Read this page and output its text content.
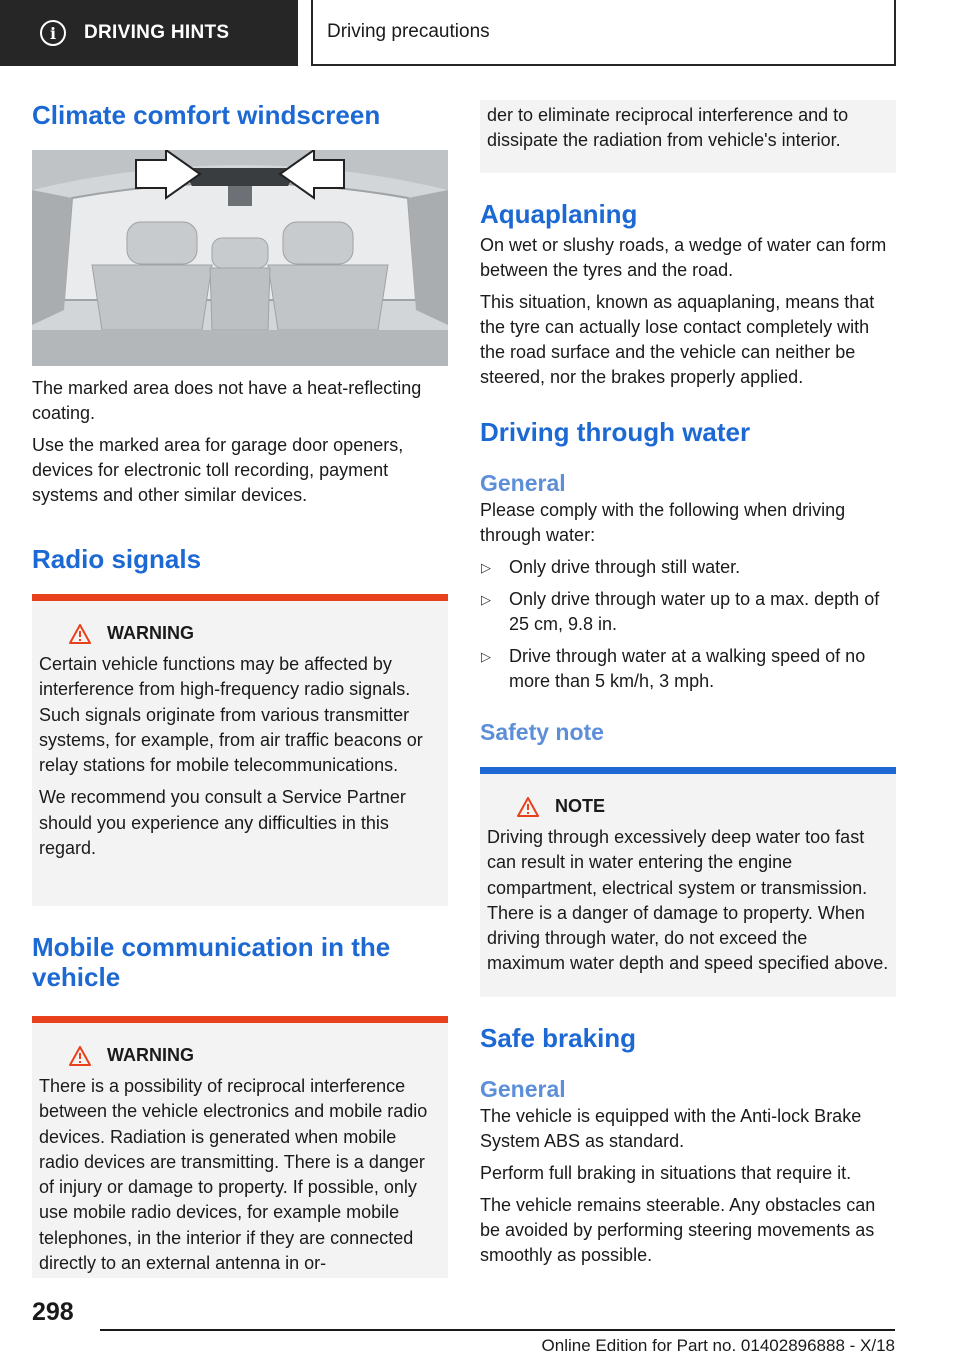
i	DRIVING HINTS	Driving precautions
Climate comfort windscreen

The marked area does not have a heat-reflecting coating.

Use the marked area for garage door openers, devices for electronic toll recording, payment systems and other similar devices.

Radio signals
WARNING

Certain vehicle functions may be affected by interference from high-frequency radio signals. Such signals originate from various transmitter systems, for example, from air traffic beacons or relay stations for mobile telecommunications.

We recommend you consult a Service Partner should you experience any difficulties in this regard.

Mobile communication in the vehicle
WARNING

There is a possibility of reciprocal interference between the vehicle electronics and mobile radio devices. Radiation is generated when mobile radio devices are transmitting. There is a danger of injury or damage to property. If possible, only use mobile radio devices, for example mobile telephones, in the interior if they are connected directly to an external antenna in or-

der to eliminate reciprocal interference and to dissipate the radiation from vehicle's interior.

Aquaplaning

On wet or slushy roads, a wedge of water can form between the tyres and the road.

This situation, known as aquaplaning, means that the tyre can actually lose contact completely with the road surface and the vehicle can neither be steered, nor the brakes properly applied.

Driving through water
General

Please comply with the following when driving through water:

▷ Only drive through still water.
▷ Only drive through water up to a max. depth of 25 cm, 9.8 in.
▷ Drive through water at a walking speed of no more than 5 km/h, 3 mph.
Safety note
NOTE

Driving through excessively deep water too fast can result in water entering the engine compartment, electrical system or transmission. There is a danger of damage to property. When driving through water, do not exceed the maximum water depth and speed specified above.

Safe braking
General

The vehicle is equipped with the Anti-lock Brake System ABS as standard.

Perform full braking in situations that require it.

The vehicle remains steerable. Any obstacles can be avoided by performing steering movements as smoothly as possible.

298
Online Edition for Part no. 01402896888 - X/18
